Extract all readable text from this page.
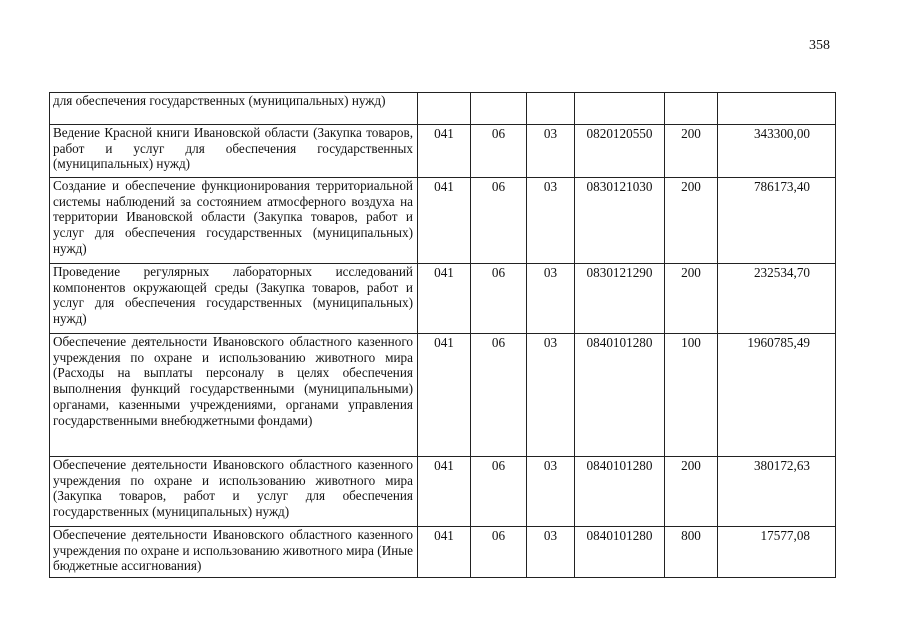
358
для обеспечения государственных (муниципальных) нужд)						
Ведение Красной книги Ивановской области (Закупка товаров, работ и услуг для обеспечения государственных (муниципальных) нужд)	041	06	03	0820120550	200	343300,00
Создание и обеспечение функционирования территориальной системы наблюдений за состоянием атмосферного воздуха на территории Ивановской области (Закупка товаров, работ и услуг для обеспечения государственных (муниципальных) нужд)	041	06	03	0830121030	200	786173,40
Проведение регулярных лабораторных исследований компонентов окружающей среды (Закупка товаров, работ и услуг для обеспечения государственных (муниципальных) нужд)	041	06	03	0830121290	200	232534,70
Обеспечение деятельности Ивановского областного казенного учреждения по охране и использованию животного мира (Расходы на выплаты персоналу в целях обеспечения выполнения функций государственными (муниципальными) органами, казенными учреждениями, органами управления государственными внебюджетными фондами)	041	06	03	0840101280	100	1960785,49
Обеспечение деятельности Ивановского областного казенного учреждения по охране и использованию животного мира (Закупка товаров, работ и услуг для обеспечения государственных (муниципальных) нужд)	041	06	03	0840101280	200	380172,63
Обеспечение деятельности Ивановского областного казенного учреждения по охране и использованию животного мира (Иные бюджетные ассигнования)	041	06	03	0840101280	800	17577,08
